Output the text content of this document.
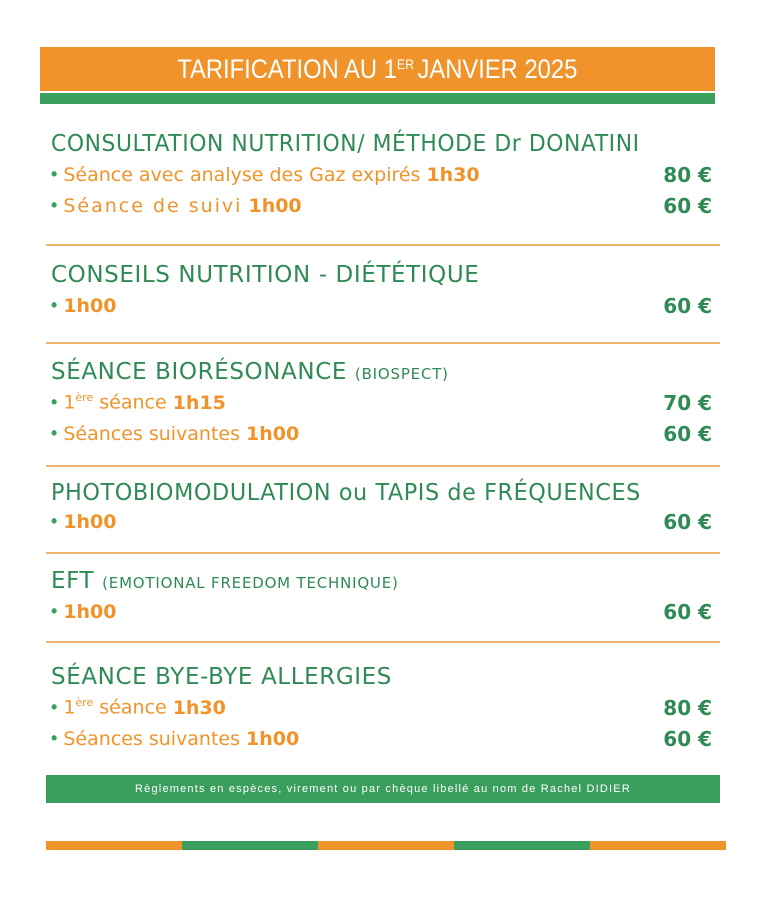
TARIFICATION AU 1ER JANVIER 2025
CONSULTATION NUTRITION/ MÉTHODE Dr DONATINI
• Séance avec analyse des Gaz expirés 1h30	80 €
• Séance de suivi 1h00	60 €
CONSEILS NUTRITION - DIÉTÉTIQUE
• 1h00	60 €
SÉANCE BIORÉSONANCE (BIOSPECT)
• 1ère séance 1h15	70 €
• Séances suivantes 1h00	60 €
PHOTOBIOMODULATION ou TAPIS de FRÉQUENCES
• 1h00	60 €
EFT (EMOTIONAL FREEDOM TECHNIQUE)
• 1h00	60 €
SÉANCE BYE-BYE ALLERGIES
• 1ère séance 1h30	80 €
• Séances suivantes 1h00	60 €
Règlements en espèces, virement ou par chèque libellé au nom de Rachel DIDIER
